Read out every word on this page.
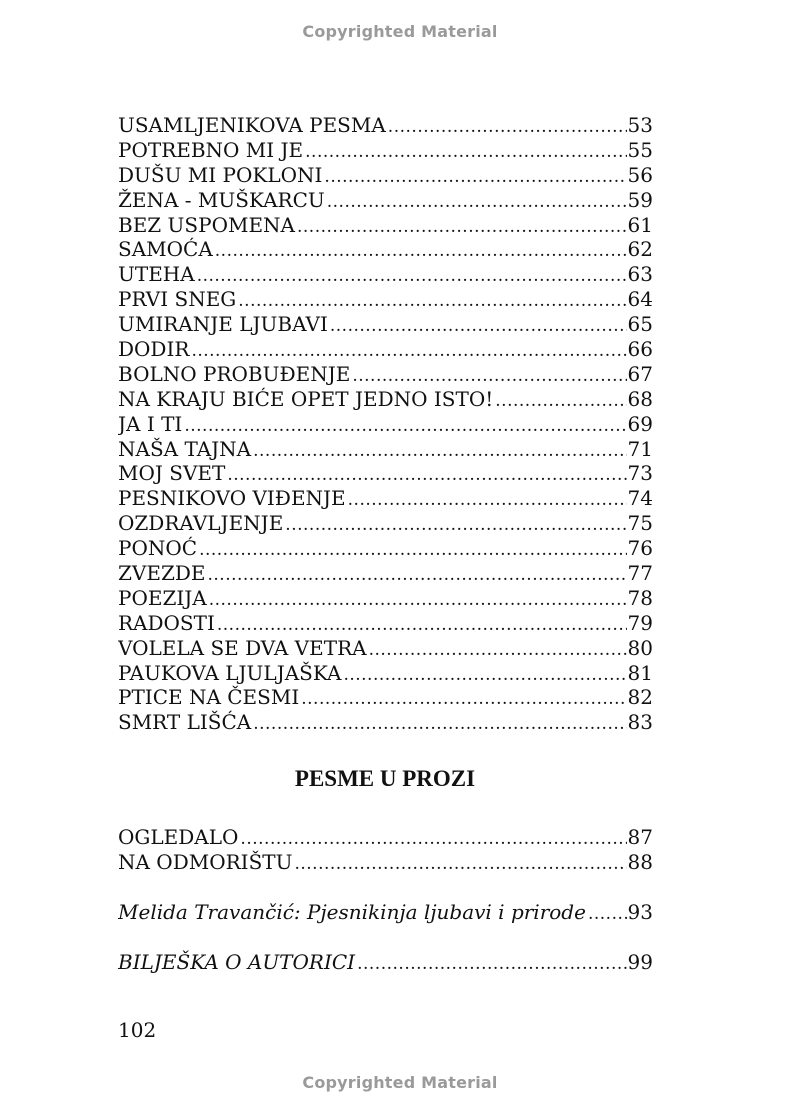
Copyrighted Material
USAMLJENIKOVA PESMA .....	53
POTREBNO MI JE .....	55
DUŠU MI POKLONI .....	56
ŽENA - MUŠKARCU .....	59
BEZ USPOMENA .....	61
SAMOĆA .....	62
UTEHA .....	63
PRVI SNEG .....	64
UMIRANJE LJUBAVI .....	65
DODIR .....	66
BOLNO PROBUĐENJE .....	67
NA KRAJU BIĆE OPET JEDNO ISTO! .....	68
JA I TI .....	69
NAŠA TAJNA .....	71
MOJ SVET .....	73
PESNIKOVO VIĐENJE .....	74
OZDRAVLJENJE .....	75
PONOĆ .....	76
ZVEZDE .....	77
POEZIJA .....	78
RADOSTI .....	79
VOLELA SE DVA VETRA .....	80
PAUKOVA LJULJAŠKA .....	81
PTICE NA ČESMI .....	82
SMRT LIŠĆA .....	83
PESME U PROZI
OGLEDALO .....	87
NA ODMORIŠTU .....	88
Melida Travančić: Pjesnikinja ljubavi i prirode ..... 93
BILJEŠKA O AUTORICI .....	99
102
Copyrighted Material
